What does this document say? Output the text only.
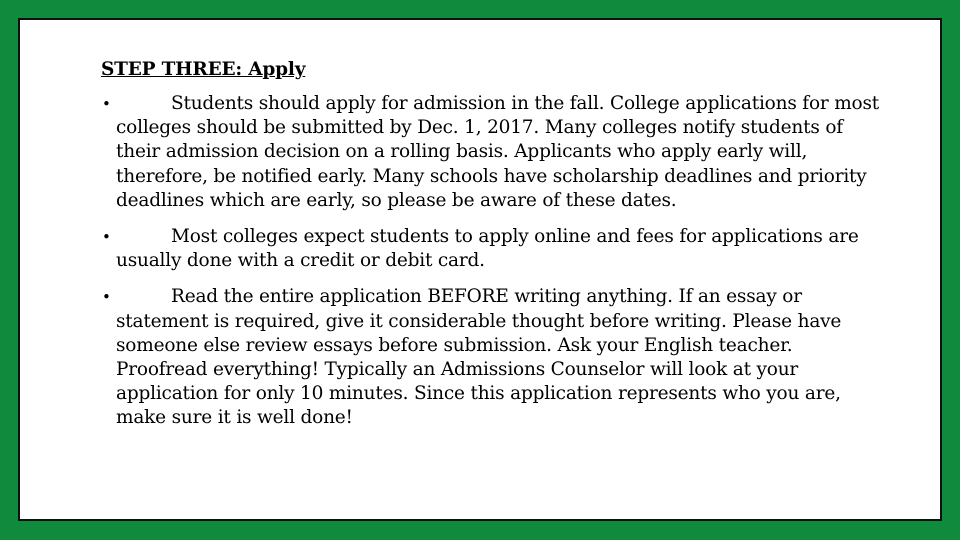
STEP THREE: Apply
•	Students should apply for admission in the fall. College applications for most colleges should be submitted by Dec. 1, 2017. Many colleges notify students of their admission decision on a rolling basis. Applicants who apply early will, therefore, be notified early. Many schools have scholarship deadlines and priority deadlines which are early, so please be aware of these dates.
•	Most colleges expect students to apply online and fees for applications are usually done with a credit or debit card.
•	Read the entire application BEFORE writing anything. If an essay or statement is required, give it considerable thought before writing. Please have someone else review essays before submission. Ask your English teacher. Proofread everything! Typically an Admissions Counselor will look at your application for only 10 minutes. Since this application represents who you are, make sure it is well done!
